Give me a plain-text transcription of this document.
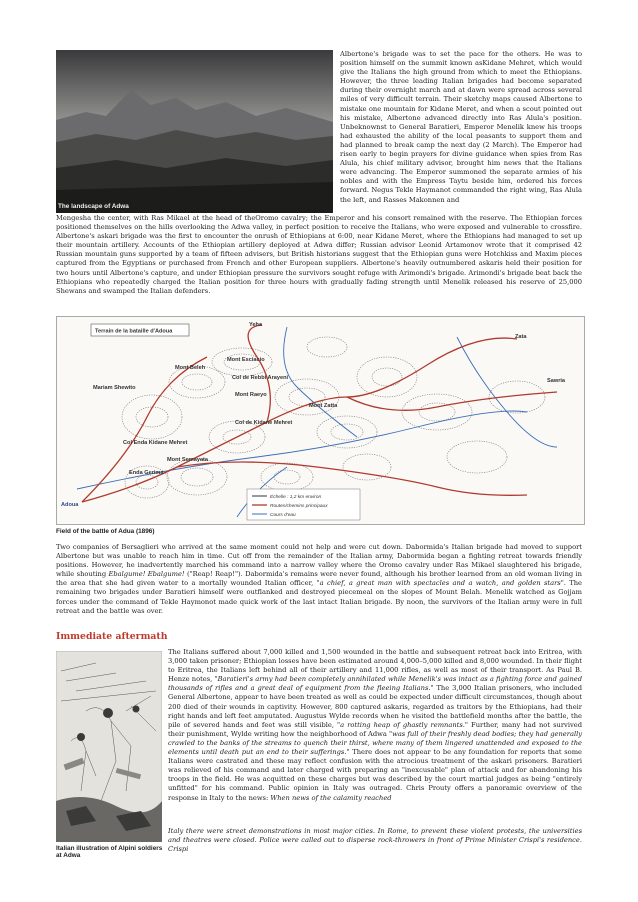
The landscape of Adwa
Albertone's brigade was to set the pace for the others. He was to position himself on the summit known asKidane Mehret, which would give the Italians the high ground from which to meet the Ethiopians. However, the three leading Italian brigades had become separated during their overnight march and at dawn were spread across several miles of very difficult terrain. Their sketchy maps caused Albertone to mistake one mountain for Kidane Meret, and when a scout pointed out his mistake, Albertone advanced directly into Ras Alula's position. Unbeknownst to General Baratieri, Emperor Menelik knew his troops had exhausted the ability of the local peasants to support them and had planned to break camp the next day (2 March). The Emperor had risen early to begin prayers for divine guidance when spies from Ras Alula, his chief military advisor, brought him news that the Italians were advancing. The Emperor summoned the separate armies of his nobles and with the Empress Taytu beside him, ordered his forces forward. Negus Tekle Haymanot commanded the right wing, Ras Alula the left, and Rasses Makonnen and
Mengesha the center, with Ras Mikael at the head of theOromo cavalry; the Emperor and his consort remained with the reserve. The Ethiopian forces positioned themselves on the hills overlooking the Adwa valley, in perfect position to receive the Italians, who were exposed and vulnerable to crossfire. Albertone's askari brigade was the first to encounter the onrush of Ethiopians at 6:00, near Kidane Meret, where the Ethiopians had managed to set up their mountain artillery. Accounts of the Ethiopian artillery deployed at Adwa differ; Russian advisor Leonid Artamonov wrote that it comprised 42 Russian mountain guns supported by a team of fifteen advisers, but British historians suggest that the Ethiopian guns were Hotchkiss and Maxim pieces captured from the Egyptians or purchased from French and other European suppliers. Albertone's heavily outnumbered askaris held their position for two hours until Albertone's capture, and under Ethiopian pressure the survivors sought refuge with Arimondi's brigade. Arimondi's brigade beat back the Ethiopians who repeatedly charged the Italian position for three hours with gradually fading strength until Menelik released his reserve of 25,000 Shewans and swamped the Italian defenders.
Terrain de la bataille d'Adoua
Yeha
Zata
Mont Esciacio
Mont Beleh
Col de Rebbi Arayeni	Sawria
Mariam Shewito
Mont Raeyo
Mont Zatta
Col de Kidane Mehret
Col Enda Kidane Mehret
Mont Semayata
Enda Gerima
Adoua
Échelle : 1,2 km environ
Routes/chemins principaux
Cours d'eau
Field of the battle of Adua (1896)
Two companies of Bersaglieri who arrived at the same moment could not help and were cut down. Dabormida's Italian brigade had moved to support Albertone but was unable to reach him in time. Cut off from the remainder of the Italian army, Dabormida began a fighting retreat towards friendly positions. However, he inadvertently marched his command into a narrow valley where the Oromo cavalry under Ras Mikael slaughtered his brigade, while shouting Ebalgume! Ebalgume! ("Reap! Reap!"). Dabormida's remains were never found, although his brother learned from an old woman living in the area that she had given water to a mortally wounded Italian officer, "a chief, a great man with spectacles and a watch, and golden stars". The remaining two brigades under Baratieri himself were outflanked and destroyed piecemeal on the slopes of Mount Belah. Menelik watched as Gojjam forces under the command of Tekle Haymonot made quick work of the last intact Italian brigade. By noon, the survivors of the Italian army were in full retreat and the battle was over.
Immediate aftermath
Italian illustration of Alpini soldiers at Adwa
The Italians suffered about 7,000 killed and 1,500 wounded in the battle and subsequent retreat back into Eritrea, with 3,000 taken prisoner; Ethiopian losses have been estimated around 4,000–5,000 killed and 8,000 wounded. In their flight to Eritrea, the Italians left behind all of their artillery and 11,000 rifles, as well as most of their transport. As Paul B. Henze notes, "Baratieri's army had been completely annihilated while Menelik's was intact as a fighting force and gained thousands of rifles and a great deal of equipment from the fleeing Italians." The 3,000 Italian prisoners, who included General Albertone, appear to have been treated as well as could be expected under difficult circumstances, though about 200 died of their wounds in captivity. However, 800 captured askaris, regarded as traitors by the Ethiopians, had their right hands and left feet amputated. Augustus Wylde records when he visited the battlefield months after the battle, the pile of severed hands and feet was still visible, "a rotting heap of ghastly remnants." Further, many had not survived their punishment, Wylde writing how the neighborhood of Adwa "was full of their freshly dead bodies; they had generally crawled to the banks of the streams to quench their thirst, where many of them lingered unattended and exposed to the elements until death put an end to their sufferings." There does not appear to be any foundation for reports that some Italians were castrated and these may reflect confusion with the atrocious treatment of the askari prisoners. Baratieri was relieved of his command and later charged with preparing an "inexcusable" plan of attack and for abandoning his troops in the field. He was acquitted on these charges but was described by the court martial judges as being "entirely unfitted" for his command. Public opinion in Italy was outraged. Chris Prouty offers a panoramic overview of the response in Italy to the news: When news of the calamity reached
Italy there were street demonstrations in most major cities. In Rome, to prevent these violent protests, the universities and theatres were closed. Police were called out to disperse rock-throwers in front of Prime Minister Crispi's residence. Crispi
